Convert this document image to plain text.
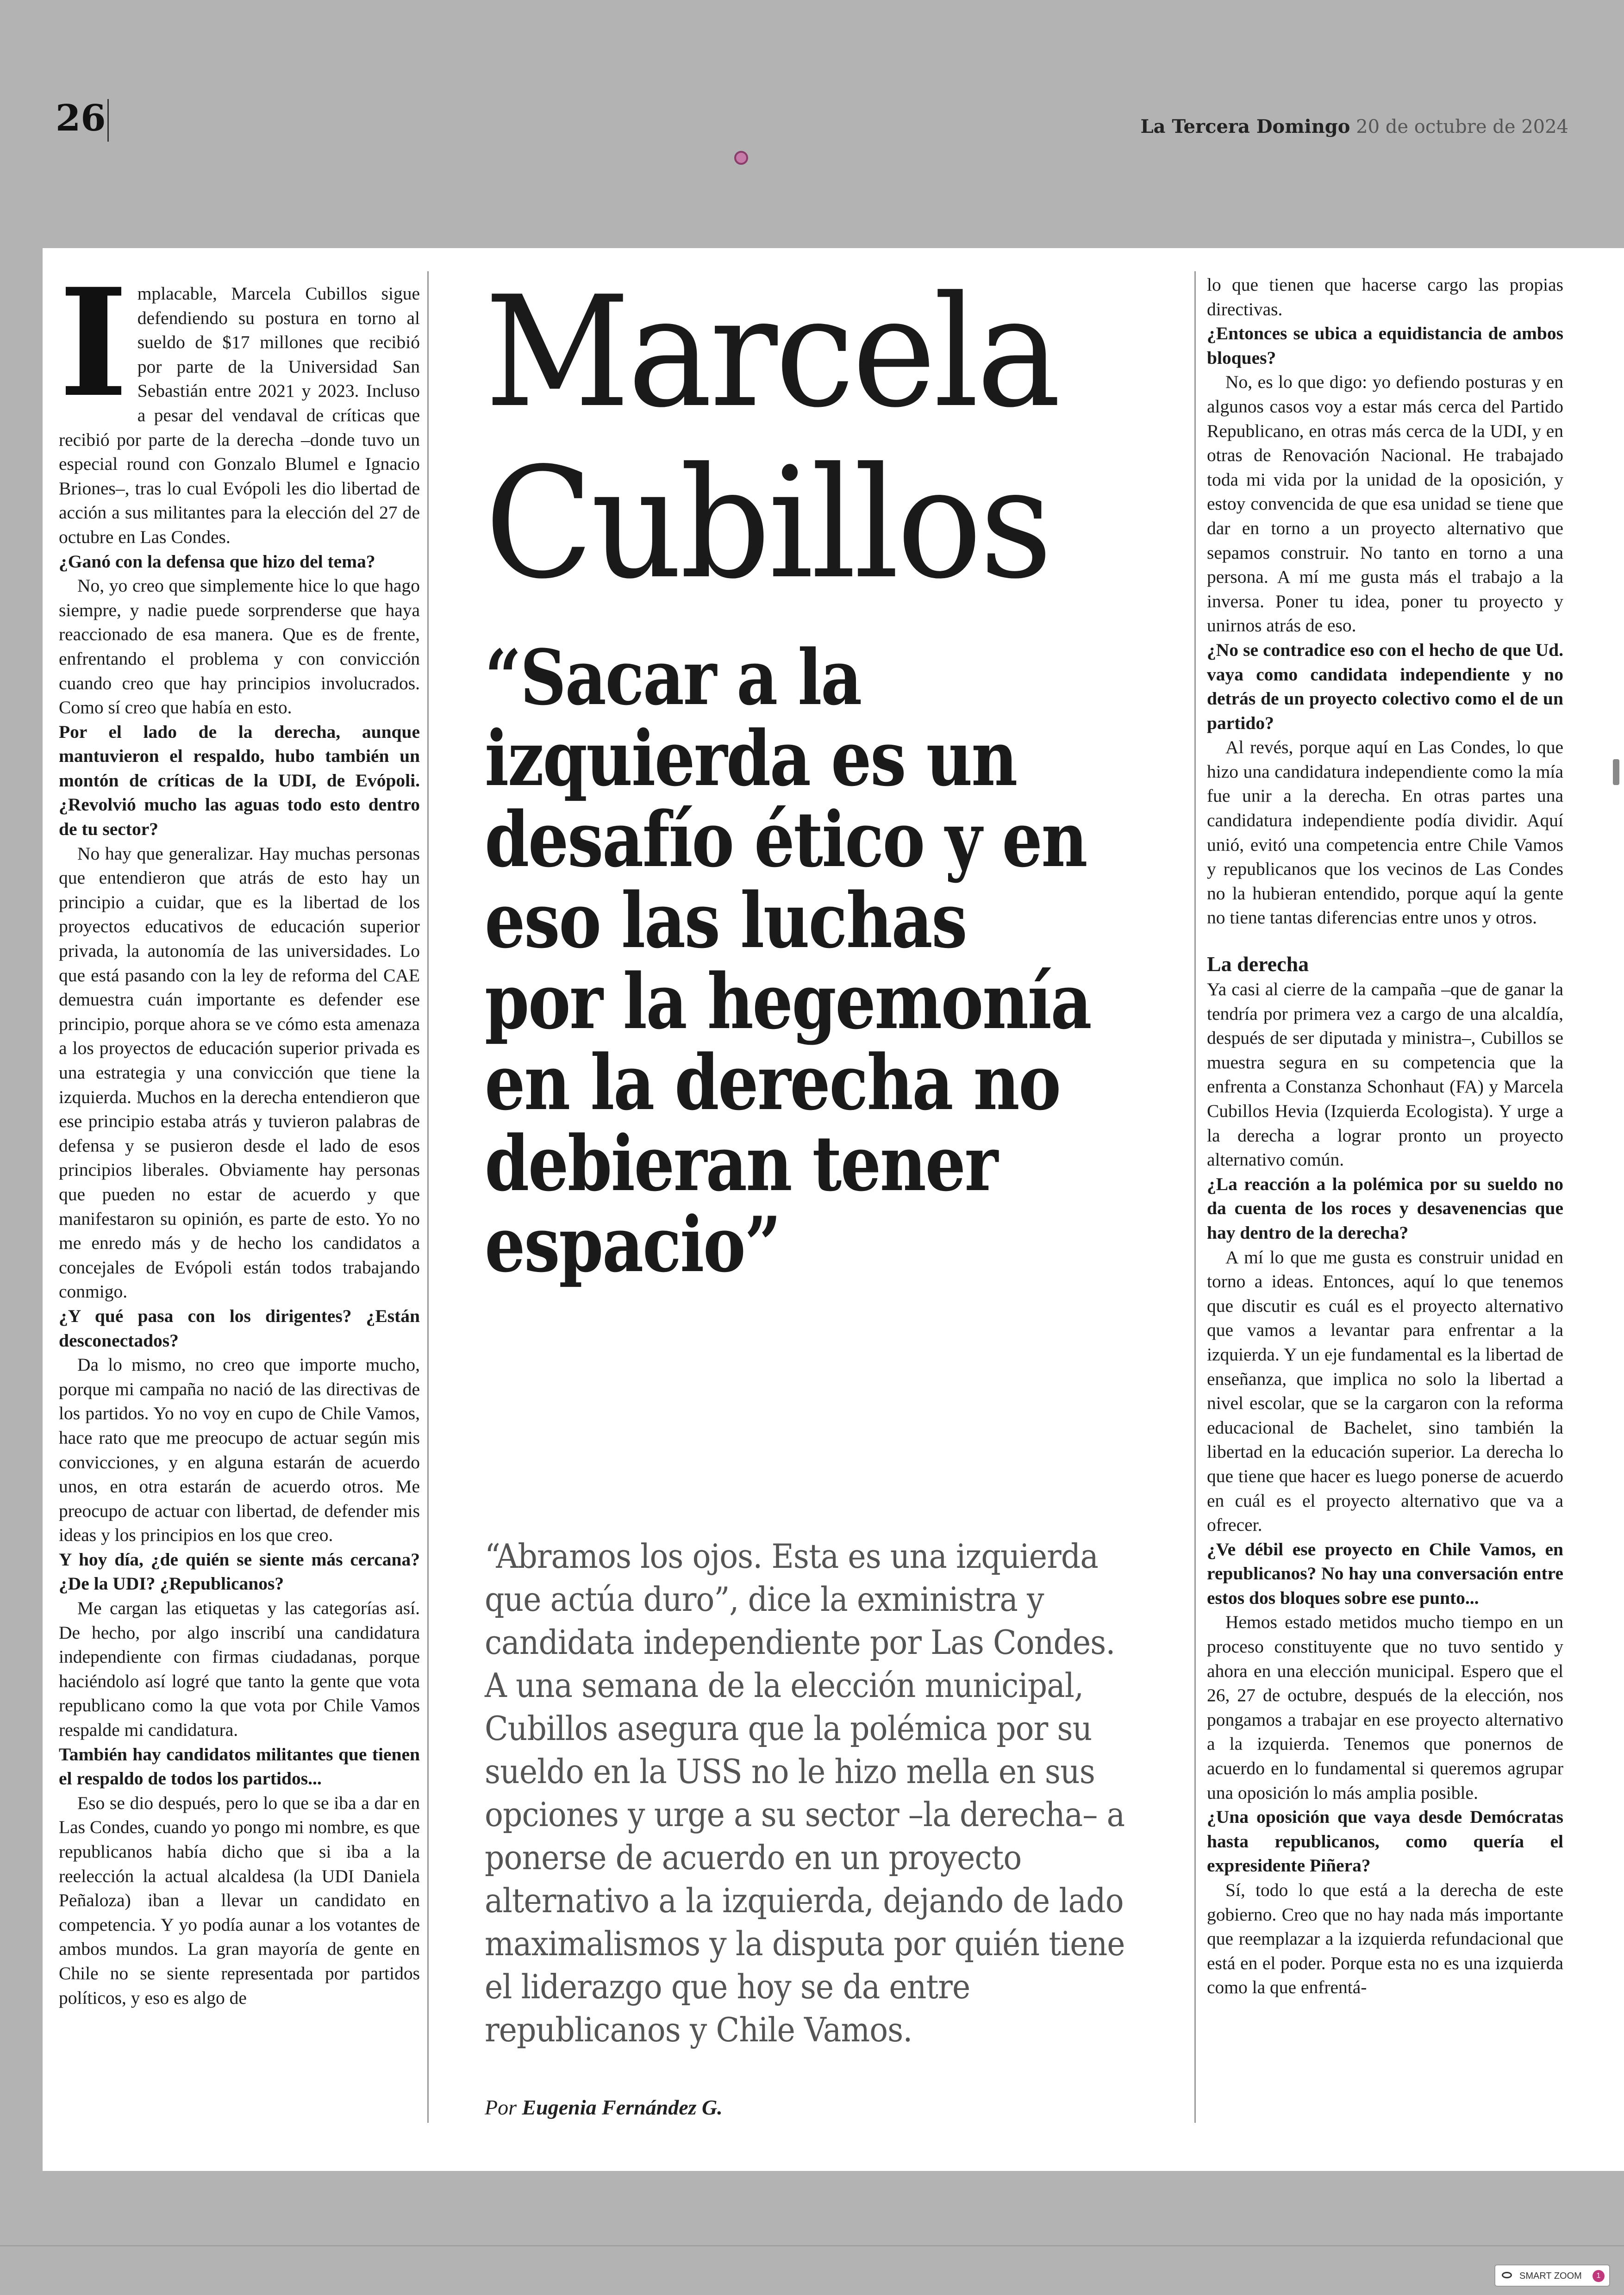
26	La Tercera Domingo 20 de octubre de 2024
I mplacable, Marcela Cubillos sigue defendiendo su postura en torno al sueldo de $17 millones que recibió por parte de la Universidad San Sebastián entre 2021 y 2023. Incluso a pesar del vendaval de críticas que recibió por parte de la derecha –donde tuvo un especial round con Gonzalo Blumel e Ignacio Briones–, tras lo cual Evópoli les dio libertad de acción a sus militantes para la elección del 27 de octubre en Las Condes.

¿Ganó con la defensa que hizo del tema?

No, yo creo que simplemente hice lo que hago siempre, y nadie puede sorprenderse que haya reaccionado de esa manera. Que es de frente, enfrentando el problema y con convicción cuando creo que hay principios involucrados. Como sí creo que había en esto.

Por el lado de la derecha, aunque mantuvieron el respaldo, hubo también un montón de críticas de la UDI, de Evópoli. ¿Revolvió mucho las aguas todo esto dentro de tu sector?

No hay que generalizar. Hay muchas personas que entendieron que atrás de esto hay un principio a cuidar, que es la libertad de los proyectos educativos de educación superior privada, la autonomía de las universidades. Lo que está pasando con la ley de reforma del CAE demuestra cuán importante es defender ese principio, porque ahora se ve cómo esta amenaza a los proyectos de educación superior privada es una estrategia y una convicción que tiene la izquierda. Muchos en la derecha entendieron que ese principio estaba atrás y tuvieron palabras de defensa y se pusieron desde el lado de esos principios liberales. Obviamente hay personas que pueden no estar de acuerdo y que manifestaron su opinión, es parte de esto. Yo no me enredo más y de hecho los candidatos a concejales de Evópoli están todos trabajando conmigo.

¿Y qué pasa con los dirigentes? ¿Están desconectados?

Da lo mismo, no creo que importe mucho, porque mi campaña no nació de las directivas de los partidos. Yo no voy en cupo de Chile Vamos, hace rato que me preocupo de actuar según mis convicciones, y en alguna estarán de acuerdo unos, en otra estarán de acuerdo otros. Me preocupo de actuar con libertad, de defender mis ideas y los principios en los que creo.

Y hoy día, ¿de quién se siente más cercana? ¿De la UDI? ¿Republicanos?

Me cargan las etiquetas y las categorías así. De hecho, por algo inscribí una candidatura independiente con firmas ciudadanas, porque haciéndolo así logré que tanto la gente que vota republicano como la que vota por Chile Vamos respalde mi candidatura.

También hay candidatos militantes que tienen el respaldo de todos los partidos...

Eso se dio después, pero lo que se iba a dar en Las Condes, cuando yo pongo mi nombre, es que republicanos había dicho que si iba a la reelección la actual alcaldesa (la UDI Daniela Peñaloza) iban a llevar un candidato en competencia. Y yo podía aunar a los votantes de ambos mundos. La gran mayoría de gente en Chile no se siente representada por partidos políticos, y eso es algo de

Marcela
Cubillos

“Sacar a la izquierda es un desafío ético y en eso las luchas por la hegemonía en la derecha no debieran tener espacio”

“Abramos los ojos. Esta es una izquierda que actúa duro”, dice la exministra y candidata independiente por Las Condes. A una semana de la elección municipal, Cubillos asegura que la polémica por su sueldo en la USS no le hizo mella en sus opciones y urge a su sector –la derecha– a ponerse de acuerdo en un proyecto alternativo a la izquierda, dejando de lado maximalismos y la disputa por quién tiene el liderazgo que hoy se da entre republicanos y Chile Vamos.

Por Eugenia Fernández G.

lo que tienen que hacerse cargo las propias directivas.

¿Entonces se ubica a equidistancia de ambos bloques?

No, es lo que digo: yo defiendo posturas y en algunos casos voy a estar más cerca del Partido Republicano, en otras más cerca de la UDI, y en otras de Renovación Nacional. He trabajado toda mi vida por la unidad de la oposición, y estoy convencida de que esa unidad se tiene que dar en torno a un proyecto alternativo que sepamos construir. No tanto en torno a una persona. A mí me gusta más el trabajo a la inversa. Poner tu idea, poner tu proyecto y unirnos atrás de eso.

¿No se contradice eso con el hecho de que Ud. vaya como candidata independiente y no detrás de un proyecto colectivo como el de un partido?

Al revés, porque aquí en Las Condes, lo que hizo una candidatura independiente como la mía fue unir a la derecha. En otras partes una candidatura independiente podía dividir. Aquí unió, evitó una competencia entre Chile Vamos y republicanos que los vecinos de Las Condes no la hubieran entendido, porque aquí la gente no tiene tantas diferencias entre unos y otros.

La derecha

Ya casi al cierre de la campaña –que de ganar la tendría por primera vez a cargo de una alcaldía, después de ser diputada y ministra–, Cubillos se muestra segura en su competencia que la enfrenta a Constanza Schonhaut (FA) y Marcela Cubillos Hevia (Izquierda Ecologista). Y urge a la derecha a lograr pronto un proyecto alternativo común.

¿La reacción a la polémica por su sueldo no da cuenta de los roces y desavenencias que hay dentro de la derecha?

A mí lo que me gusta es construir unidad en torno a ideas. Entonces, aquí lo que tenemos que discutir es cuál es el proyecto alternativo que vamos a levantar para enfrentar a la izquierda. Y un eje fundamental es la libertad de enseñanza, que implica no solo la libertad a nivel escolar, que se la cargaron con la reforma educacional de Bachelet, sino también la libertad en la educación superior. La derecha lo que tiene que hacer es luego ponerse de acuerdo en cuál es el proyecto alternativo que va a ofrecer.

¿Ve débil ese proyecto en Chile Vamos, en republicanos? No hay una conversación entre estos dos bloques sobre ese punto...

Hemos estado metidos mucho tiempo en un proceso constituyente que no tuvo sentido y ahora en una elección municipal. Espero que el 26, 27 de octubre, después de la elección, nos pongamos a trabajar en ese proyecto alternativo a la izquierda. Tenemos que ponernos de acuerdo en lo fundamental si queremos agrupar una oposición lo más amplia posible.

¿Una oposición que vaya desde Demócratas hasta republicanos, como quería el expresidente Piñera?

Sí, todo lo que está a la derecha de este gobierno. Creo que no hay nada más importante que reemplazar a la izquierda refundacional que está en el poder. Porque esta no es una izquierda como la que enfrentá-

SMART ZOOM	1
